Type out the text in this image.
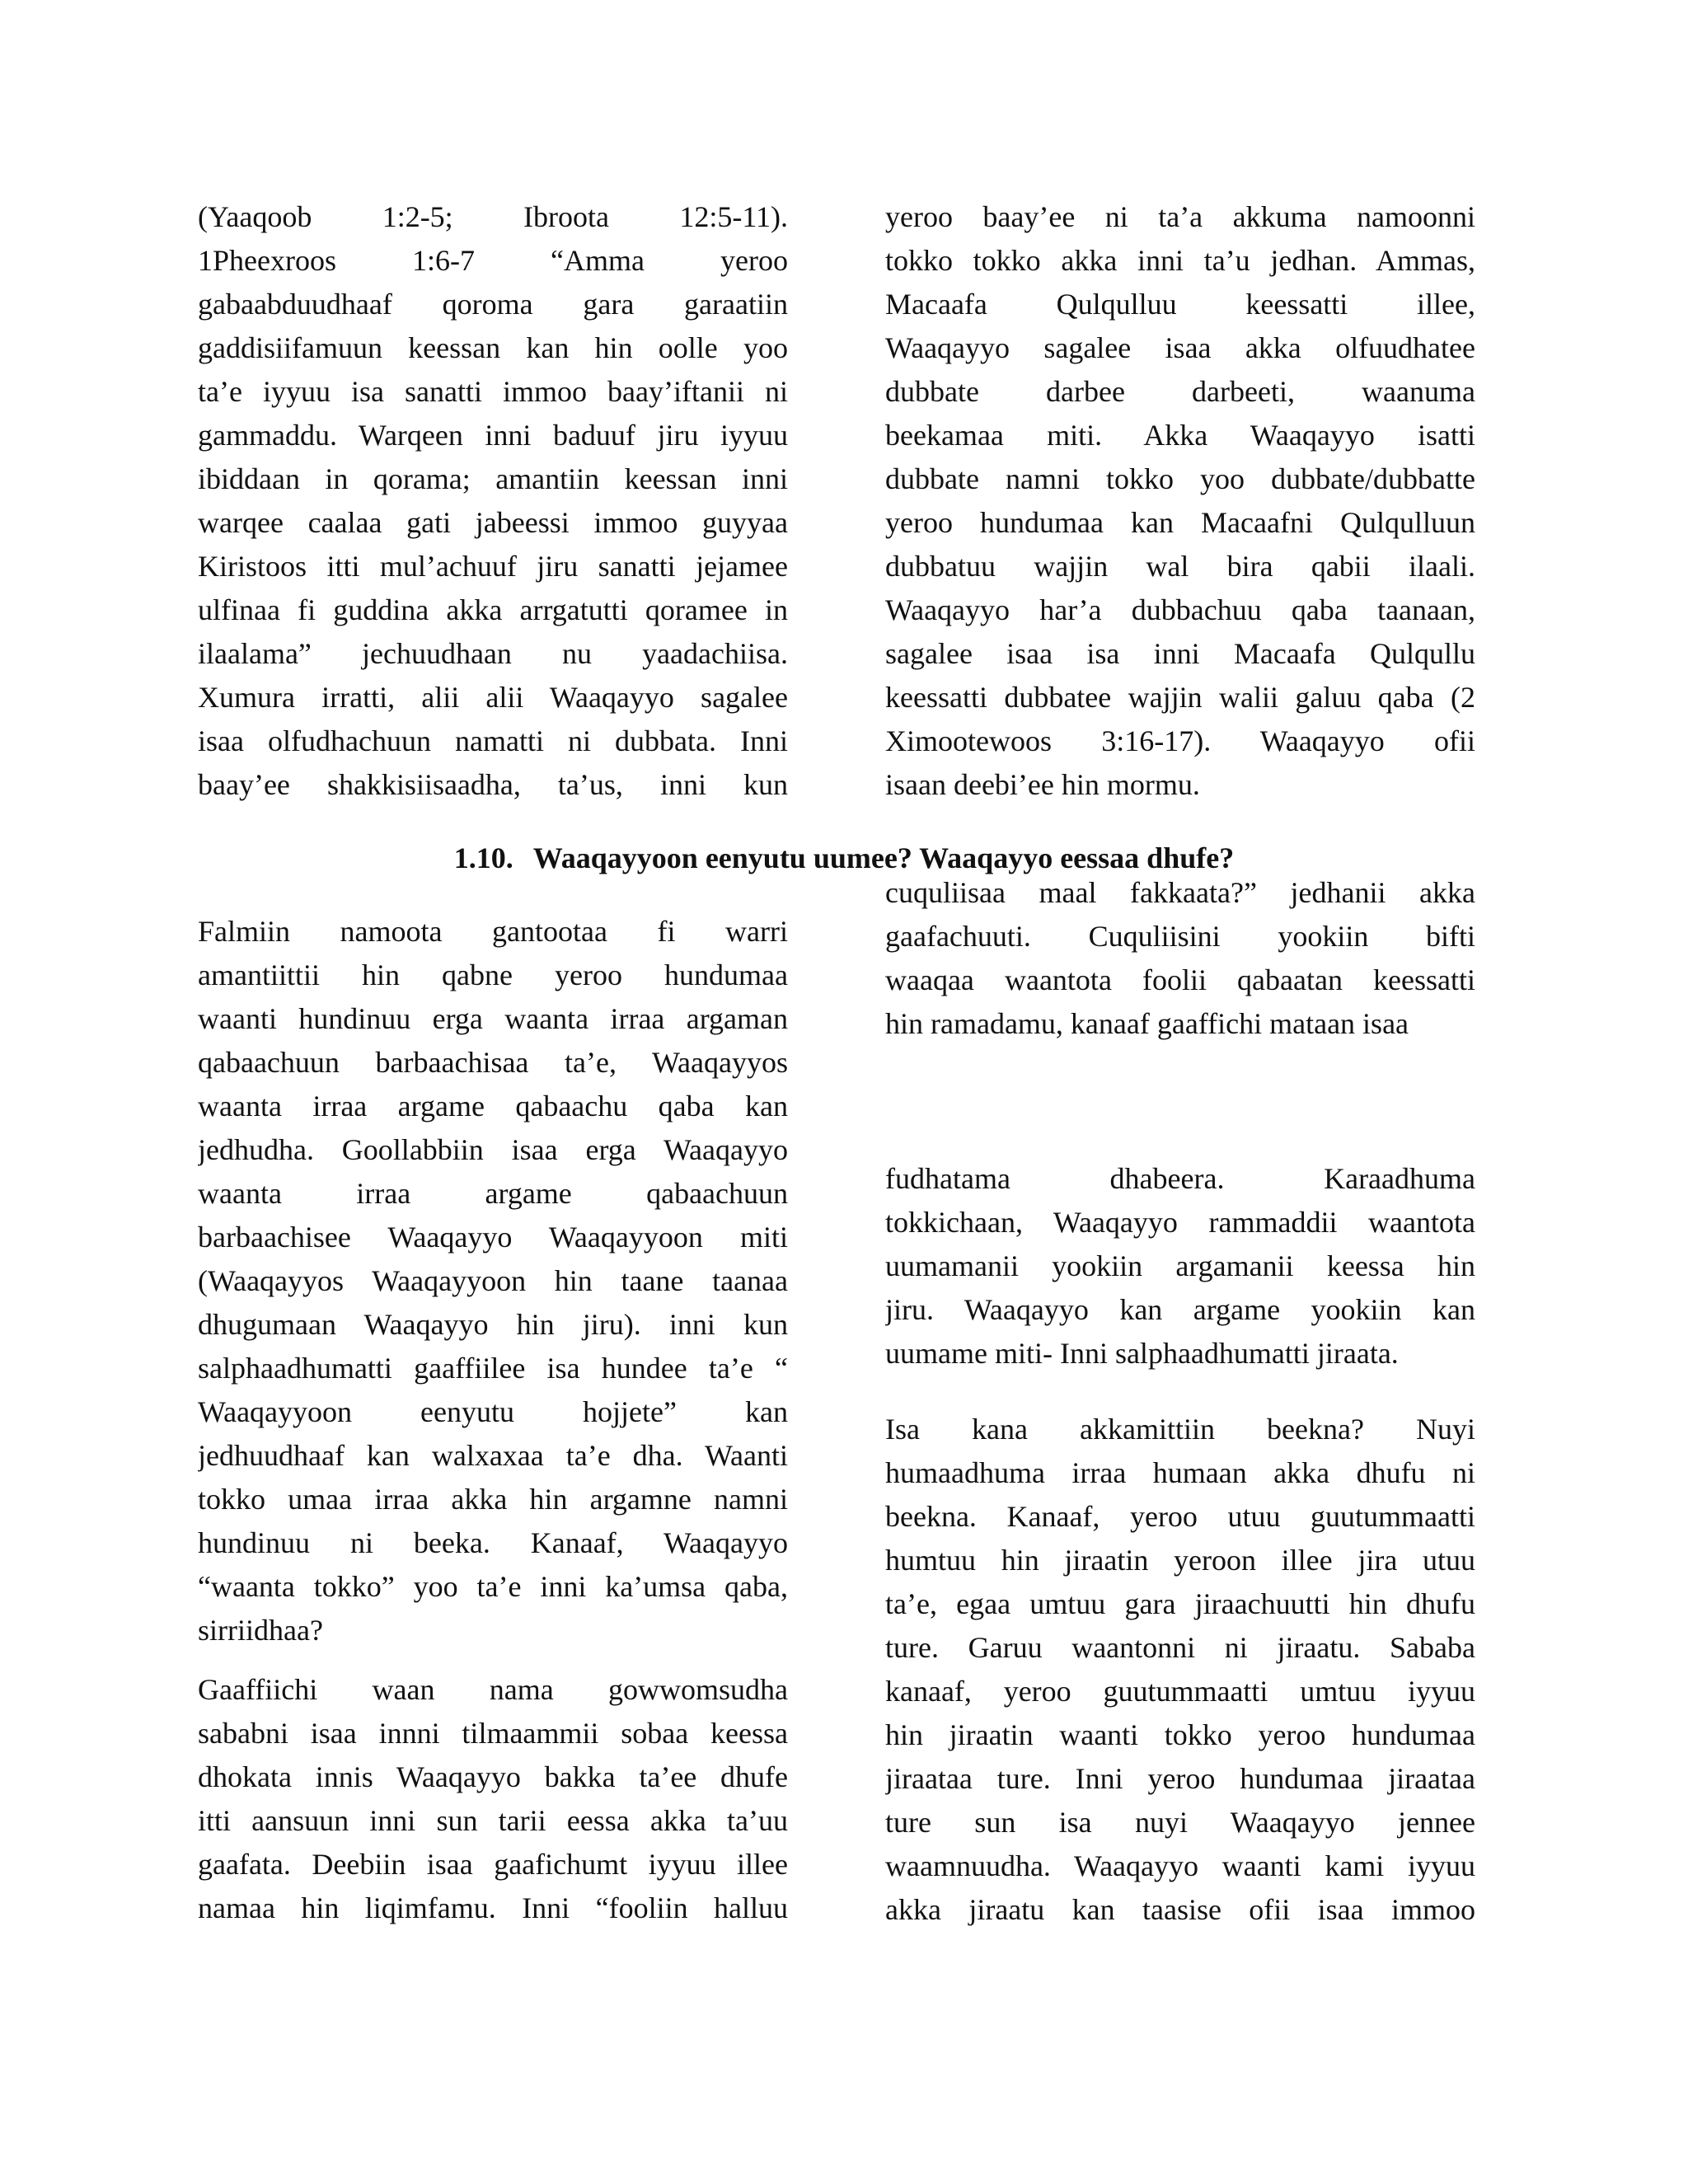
(Yaaqoob 1:2-5; Ibroota 12:5-11).
1Pheexroos 1:6-7 “Amma yeroo
gabaabduudhaaf qoroma gara garaatiin
gaddisiifamuun keessan kan hin oolle yoo
ta’e iyyuu isa sanatti immoo baay’iftanii ni
gammaddu. Warqeen inni baduuf jiru iyyuu
ibiddaan in qorama; amantiin keessan inni
warqee caalaa gati jabeessi immoo guyyaa
Kiristoos itti mul’achuuf jiru sanatti jejamee
ulfinaa fi guddina akka arrgatutti qoramee in
ilaalama” jechuudhaan nu yaadachiisa.
Xumura irratti, alii alii Waaqayyo sagalee
isaa olfudhachuun namatti ni dubbata. Inni
baay’ee shakkisiisaadha, ta’us, inni kun
1.10. Waaqayyoon eenyutu uumee? Waaqayyo eessaa dhufe?
Falmiin namoota gantootaa fi warri
amantiittii hin qabne yeroo hundumaa
waanti hundinuu erga waanta irraa argaman
qabaachuun barbaachisaa ta’e, Waaqayyos
waanta irraa argame qabaachu qaba kan
jedhudha. Goollabbiin isaa erga Waaqayyo
waanta irraa argame qabaachuun
barbaachisee Waaqayyo Waaqayyoon miti
(Waaqayyos Waaqayyoon hin taane taanaa
dhugumaan Waaqayyo hin jiru). inni kun
salphaadhumatti gaaffiilee isa hundee ta’e “
Waaqayyoon eenyutu hojjete” kan
jedhuudhaaf kan walxaxaa ta’e dha. Waanti
tokko umaa irraa akka hin argamne namni
hundinuu ni beeka. Kanaaf, Waaqayyo
“waanta tokko” yoo ta’e inni ka’umsa qaba,
sirriidhaa?
Gaaffiichi waan nama gowwomsudha
sababni isaa innni tilmaammii sobaa keessa
dhokata innis Waaqayyo bakka ta’ee dhufe
itti aansuun inni sun tarii eessa akka ta’uu
gaafata. Deebiin isaa gaafichumt iyyuu illee
namaa hin liqimfamu. Inni “fooliin halluu
yeroo baay’ee ni ta’a akkuma namoonni
tokko tokko akka inni ta’u jedhan. Ammas,
Macaafa Qulqulluu keessatti illee,
Waaqayyo sagalee isaa akka olfuudhatee
dubbate darbee darbeeti, waanuma
beekamaa miti. Akka Waaqayyo isatti
dubbate namni tokko yoo dubbate/dubbatte
yeroo hundumaa kan Macaafni Qulqulluun
dubbatuu wajjin wal bira qabii ilaali.
Waaqayyo har’a dubbachuu qaba taanaan,
sagalee isaa isa inni Macaafa Qulqullu
keessatti dubbatee wajjin walii galuu qaba (2
Ximootewoos 3:16-17). Waaqayyo ofii
isaan deebi’ee hin mormu.
cuquliisaa maal fakkaata?” jedhanii akka
gaafachuuti. Cuquliisini yookiin bifti
waaqaa waantota foolii qabaatan keessatti
hin ramadamu, kanaaf gaaffichi mataan isaa
fudhatama dhabeera. Karaadhuma
tokkichaan, Waaqayyo rammaddii waantota
uumamanii yookiin argamanii keessa hin
jiru. Waaqayyo kan argame yookiin kan
uumame miti- Inni salphaadhumatti jiraata.
Isa kana akkamittiin beekna? Nuyi
humaadhuma irraa humaan akka dhufu ni
beekna. Kanaaf, yeroo utuu guutummaatti
humtuu hin jiraatin yeroon illee jira utuu
ta’e, egaa umtuu gara jiraachuutti hin dhufu
ture. Garuu waantonni ni jiraatu. Sababa
kanaaf, yeroo guutummaatti umtuu iyyuu
hin jiraatin waanti tokko yeroo hundumaa
jiraataa ture. Inni yeroo hundumaa jiraataa
ture sun isa nuyi Waaqayyo jennee
waamnuudha. Waaqayyo waanti kami iyyuu
akka jiraatu kan taasise ofii isaa immoo
